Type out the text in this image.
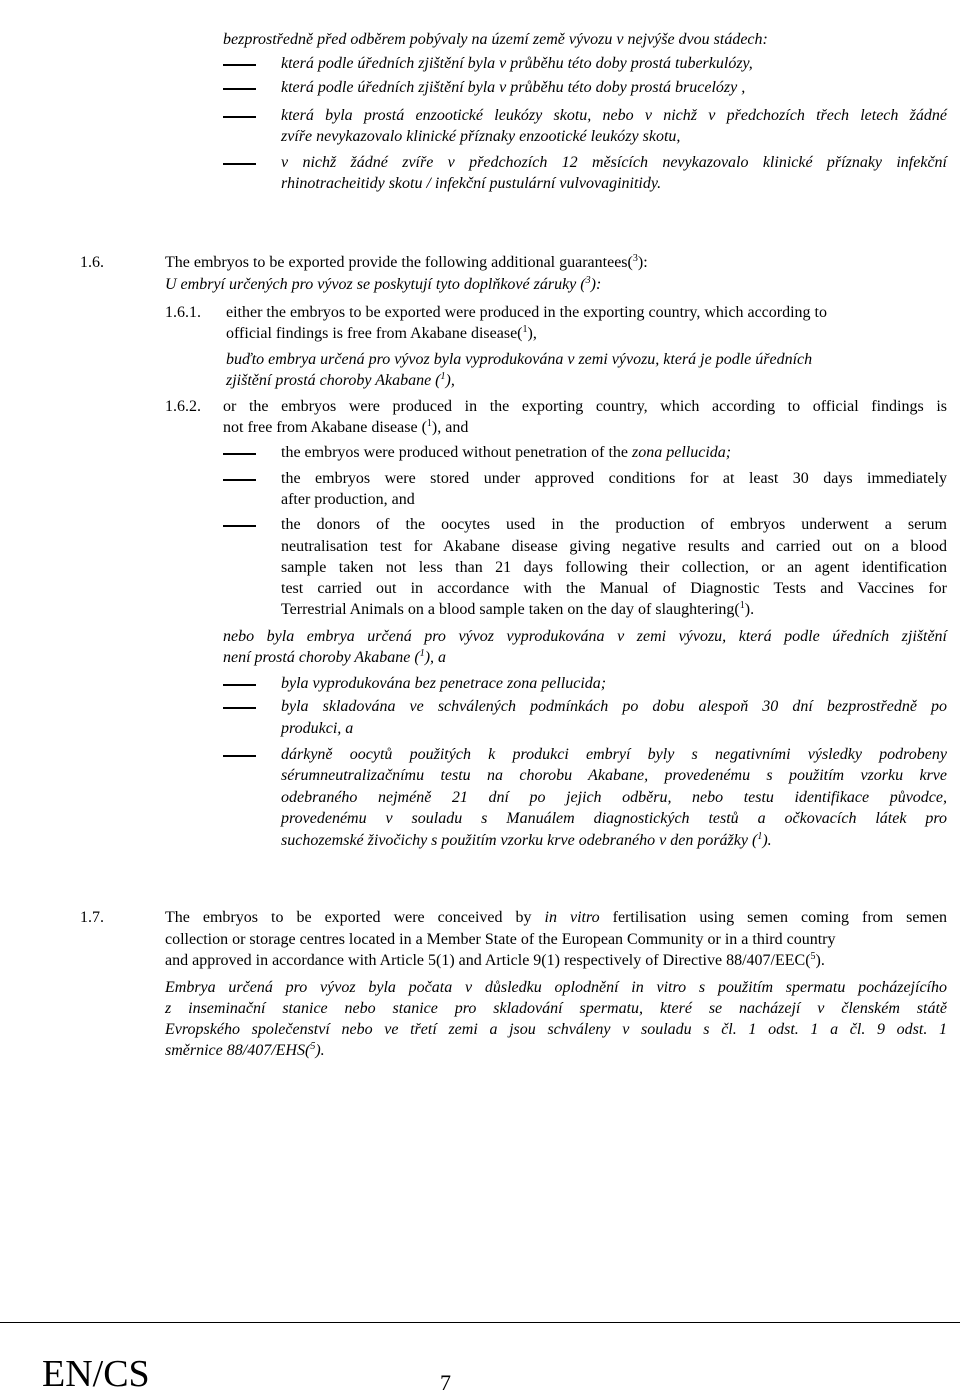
bezprostředně před odběrem pobývaly na území země vývozu v nejvýše dvou stádech:
která podle úředních zjištění byla v průběhu této doby prostá tuberkulózy,
která podle úředních zjištění byla v průběhu této doby prostá brucelózy ,
která byla prostá enzootické leukózy skotu, nebo v nichž v předchozích třech letech žádné
zvíře nevykazovalo klinické příznaky enzootické leukózy skotu,
v nichž žádné zvíře v předchozích 12 měsících nevykazovalo klinické příznaky infekční
rhinotracheitidy skotu / infekční pustulární vulvovaginitidy.
1.6.	The embryos to be exported provide the following additional guarantees($^3$):
U embryí určených pro vývoz se poskytují tyto doplňkové záruky ($^3$):
1.6.1. either the embryos to be exported were produced in the exporting country, which according to
official findings is free from Akabane disease($^1$),
buďto embrya určená pro vývoz byla vyprodukována v zemi vývozu, která je podle úředních
zjištění prostá choroby Akabane ($^1$),
1.6.2. or the embryos were produced in the exporting country, which according to official findings is
not free from Akabane disease ($^1$), and
the embryos were produced without penetration of the zona pellucida;
the embryos were stored under approved conditions for at least 30 days immediately
after production, and
the donors of the oocytes used in the production of embryos underwent a serum
neutralisation test for Akabane disease giving negative results and carried out on a blood
sample taken not less than 21 days following their collection, or an agent identification
test carried out in accordance with the Manual of Diagnostic Tests and Vaccines for
Terrestrial Animals on a blood sample taken on the day of slaughtering($^1$).
nebo byla embrya určená pro vývoz vyprodukována v zemi vývozu, která podle úředních zjištění
není prostá choroby Akabane ($^1$), a
byla vyprodukována bez penetrace zona pellucida;
byla skladována ve schválených podmínkách po dobu alespoň 30 dní bezprostředně po
produkci, a
dárkyně oocytů použitých k produkci embryí byly s negativními výsledky podrobeny
sérumneutralizačnímu testu na chorobu Akabane, provedenému s použitím vzorku krve
odebraného nejméně 21 dní po jejich odběru, nebo testu identifikace původce,
provedenému v souladu s Manuálem diagnostických testů a očkovacích látek pro
suchozemské živočichy s použitím vzorku krve odebraného v den porážky ($^1$).
1.7.	The embryos to be exported were conceived by in vitro fertilisation using semen coming from semen
collection or storage centres located in a Member State of the European Community or in a third country
and approved in accordance with Article 5(1) and Article 9(1) respectively of Directive 88/407/EEC($^5$).
Embrya určená pro vývoz byla počata v důsledku oplodnění in vitro s použitím spermatu pocházejícího
z inseminační stanice nebo stanice pro skladování spermatu, které se nacházejí v členském státě
Evropského společenství nebo ve třetí zemi a jsou schváleny v souladu s čl. 1 odst. 1 a čl. 9 odst. 1
směrnice 88/407/EHS($^5$).
EN/CS	7
